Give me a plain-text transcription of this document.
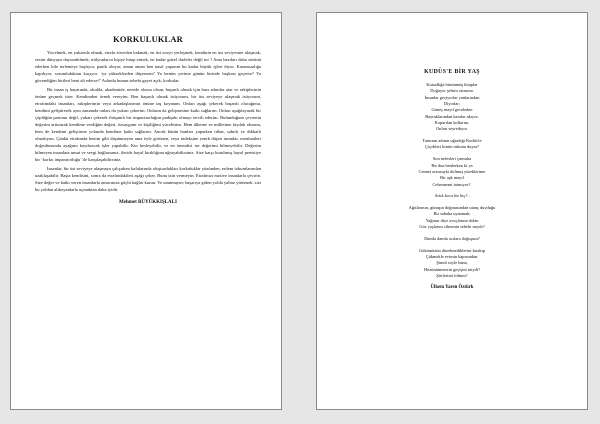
KORKULUKLAR

Yücelmek, en yukarıda olmak, etrafa zirveden bakmak, en üst sosyo yerleşmek, kendinin en üst seviyesine ulaşmak, sesini dünyaya duyurabilmek, milyonlarca kişiye hitap etmek, ne kadar güzel ifadeler değil mi ? Ama bazıları daha sözünü ederken bile terlemeye başlıyor, panik oluyor, aman aman ben nasıl yaparım bu kadar büyük işleri diyor. Karamsarlığa kapılıyor, sorumluluktan kaçıyor. ‘ya yükseklerden düşersem? Ya benim yerime günün birinde başkası geçerse? Ya güvendiğim birileri beni alt ederse?’ Aslında bunun sebebi gayet açık; korkular.

Bir insan iş hayatında, okulda, akademide, nerede olursa olsun, başarılı olmak için bazı adımlar atar ve rakiplerinin önüne geçmek ister. Kendimden örnek vereyim. Ben başarılı olmak istiyorum, bir üst seviyeye ulaşmak istiyorum, etrafımdaki insanları, rakiplerimin veya arkadaşlarımın önüne taş koymam. Onları aşağı çekerek başarılı olacağıma, kendimi geliştirerek aynı zamanda onları da yukarı çekerim. Onların da gelişmesine katkı sağlarım. Onları aşağılayarak bir çöplüğün patronu değil, yukarı çekerek ihtişamlı bir imparatorluğun padişahı olmayı tercih ederim. Bulunduğum çevrenin değerini arttırarak kendime verdiğim değeri, özsaygımı ve kişiliğimi yüceltirim. Hem ülkeme ve milletime faydalı olurum, hem de kendimi geliştirme yolunda kendime katkı sağlarım. Ancak bütün bunları yaparken itibar, sabırlı ve dikkatli olmalıyım. Çünkü etrafımda benim gibi düşünmeyen ama öyle görünen, veya indeksine yenik düşen insanlar, menfaatleri doğrultusunda ayağımı kaydıracak işler yapabilir. Kin besleyebilir, ve en önemlisi ise değerimi bilmeyebilir. Değerim bilmeyen insanlara umut ve sevgi bağlarsanız, ileride hayal kırıklığına uğrayabilirsiniz. Size karşı kurulmuş hayal perestiye bir ‘korku imparatorluğu’ ile karşılaşabilirsiniz.

İnsanlar, bir üst seviyeye ulaşmaya çalışırken kafalarında oluşturdukları korkuluklar yüzünden, erdem tohumlarından uzaklaşabilir. Başta kendisini, sonra da etrafındakileri aşağı çeker. Bunu izin vermeyin. Etrafınızı motive insanlarla çevirin. Size değer ve katkı veren insanlarla amacınıza güçlü bağlar kurun. Ve unutmayın; başarıya giden yolda yalnız yürümek, sizi bu yoldan alıkoyanlarla uçmaktan daha iyidir.

Mehmet BÜYÜKKIŞLALI
KUDÜS'E BİR YAŞ
Kutsallığa bürünmüş kitaplar
Doğuyor şehrin ortasına.
İnsanlar geçiyorlar yanlarından
Diyorlar;
Güneş mayıl geceleden
Bayraklarından karalar akıyor,
Koparılan kollarını,
Onları seyrediyor.
Tanrının adının uğradığı Kudüs'te
Çiçekleri kimin ruhunu duyar?
Son nefesleri çarmıha
Bir dua benlerken ki ya
Cennet arzusuyla dolmuş yüreklerime
Bir aşk mayıl
Cehennemi tatmıyor?.
Artık koca bir hiç?..
Ağıtlarının, günaşın doğmasından utanç duyduğu
Bir sabaha uyanmak;
Yağmur diye avuçlarına dolan
Göz yaşlarını silmenin sebebi mıydı?
Damla damla acılara doğuşum?
Gökümüzün düzelmediklerini bırakıp
Çükmekle evimin kapısından.
Şimdi söyle bana,
Hüzünümenizin geçişini miydi?
Şiirlerimi bilmez!
Ülkem Yaren Öztürk
